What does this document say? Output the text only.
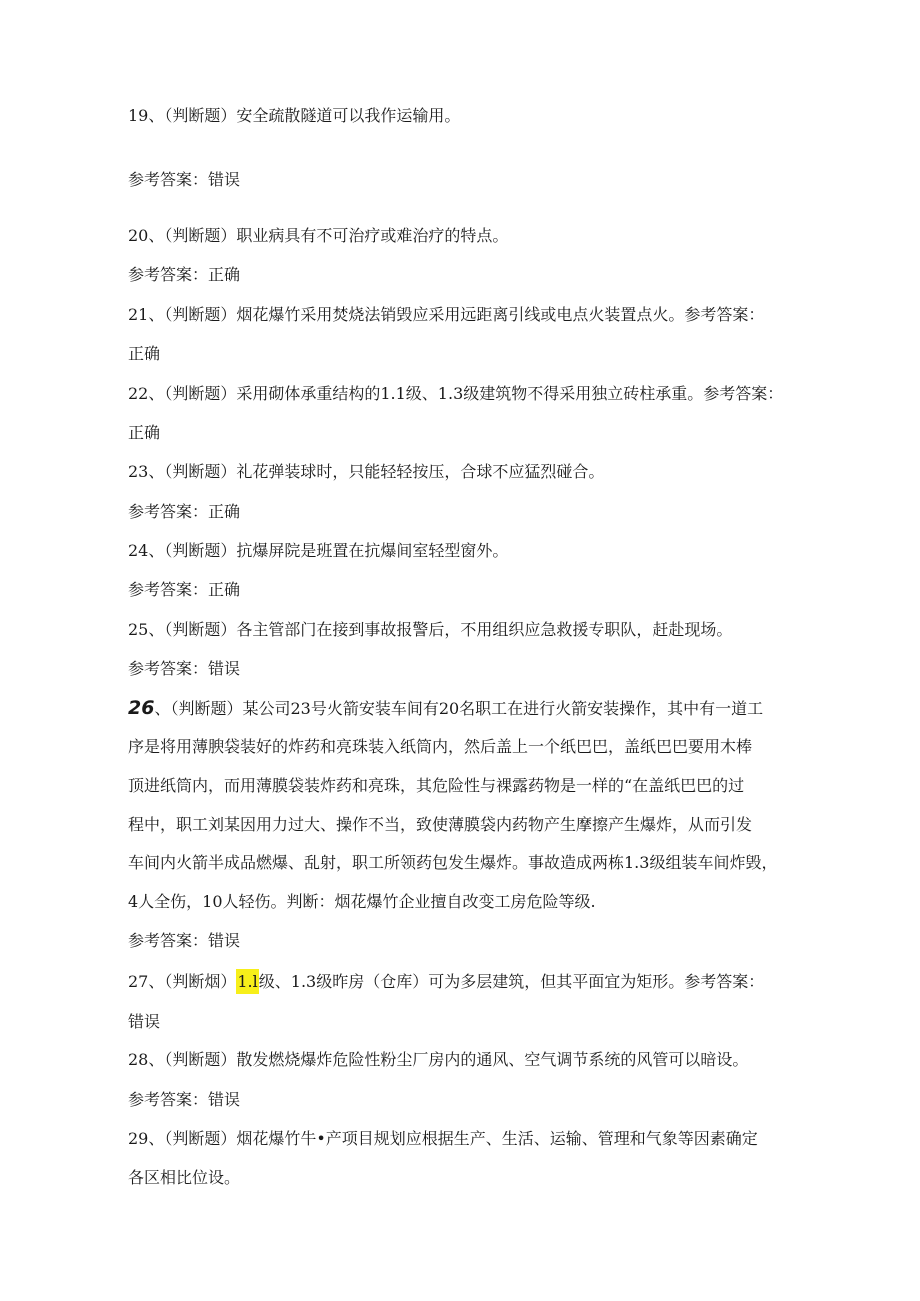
19、（判断题）安全疏散隧道可以我作运输用。
参考答案：错误
20、（判断题）职业病具有不可治疗或难治疗的特点。
参考答案：正确
21、（判断题）烟花爆竹采用焚烧法销毁应采用远距离引线或电点火装置点火。参考答案：
正确
22、（判断题）采用砌体承重结构的1.1级、1.3级建筑物不得采用独立砖柱承重。参考答案：
正确
23、（判断题）礼花弹装球时，只能轻轻按压，合球不应猛烈碰合。
参考答案：正确
24、（判断题）抗爆屏院是班置在抗爆间室轻型窗外。
参考答案：正确
25、（判断题）各主管部门在接到事故报警后，不用组织应急救援专职队，赶赴现场。
参考答案：错误
26、（判断题）某公司23号火箭安装车间有20名职工在进行火箭安装操作，其中有一道工
序是将用薄腴袋装好的炸药和亮珠装入纸筒内，然后盖上一个纸巴巴，盖纸巴巴要用木棒
顶进纸筒内，而用薄膜袋装炸药和亮珠，其危险性与裸露药物是一样的“在盖纸巴巴的过
程中，职工刘某因用力过大、操作不当，致使薄膜袋内药物产生摩擦产生爆炸，从而引发
车间内火箭半成品燃爆、乱射，职工所领药包发生爆炸。事故造成两栋1.3级组装车间炸毁，
4人全伤，10人轻伤。判断：烟花爆竹企业擅自改变工房危险等级.
参考答案：错误
27、（判断烟）1.l级、1.3级昨房（仓库）可为多层建筑，但其平面宜为矩形。参考答案：
错误
28、（判断题）散发燃烧爆炸危险性粉尘厂房内的通风、空气调节系统的风管可以暗设。
参考答案：错误
29、（判断题）烟花爆竹牛•产项目规划应根据生产、生活、运输、管理和气象等因素确定
各区相比位设。
